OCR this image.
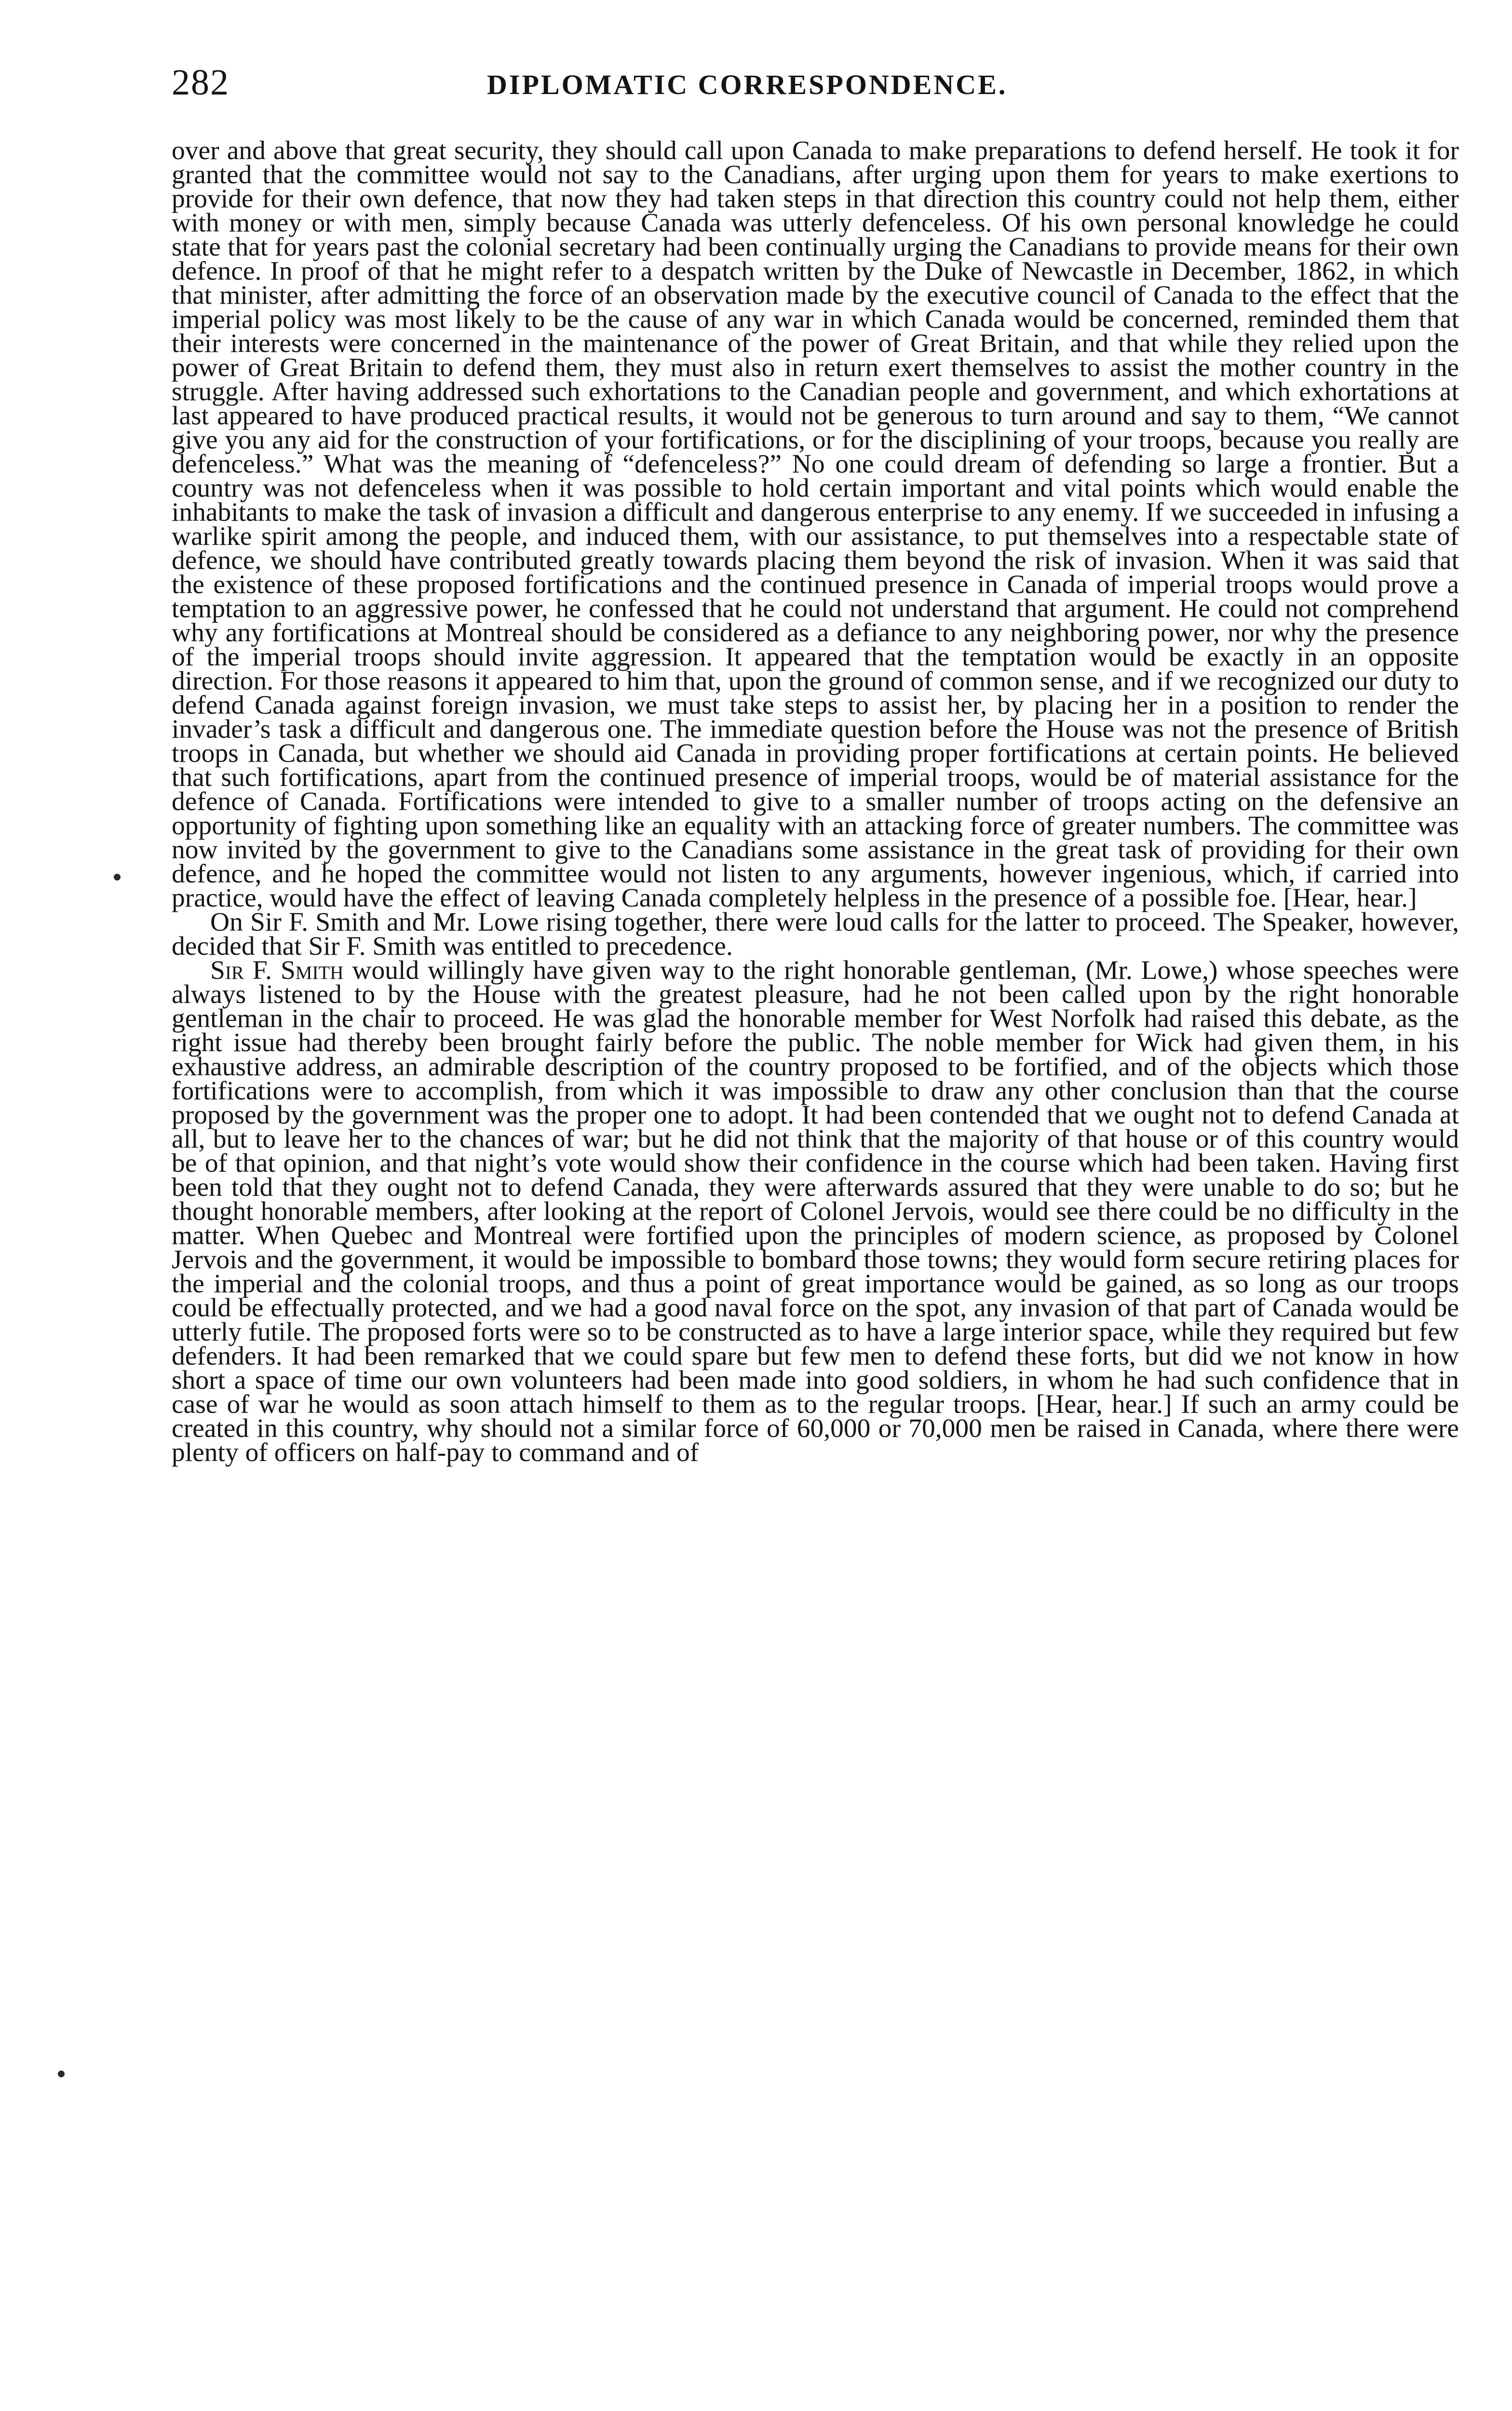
282	DIPLOMATIC CORRESPONDENCE.

over and above that great security, they should call upon Canada to make preparations to defend herself. He took it for granted that the committee would not say to the Canadians, after urging upon them for years to make exertions to provide for their own defence, that now they had taken steps in that direction this country could not help them, either with money or with men, simply because Canada was utterly defenceless. Of his own personal knowledge he could state that for years past the colonial secretary had been continually urging the Canadians to provide means for their own defence. In proof of that he might refer to a despatch written by the Duke of Newcastle in December, 1862, in which that minister, after admitting the force of an observation made by the executive council of Canada to the effect that the imperial policy was most likely to be the cause of any war in which Canada would be concerned, reminded them that their interests were concerned in the maintenance of the power of Great Britain, and that while they relied upon the power of Great Britain to defend them, they must also in return exert themselves to assist the mother country in the struggle. After having addressed such exhortations to the Canadian people and government, and which exhortations at last appeared to have produced practical results, it would not be generous to turn around and say to them, “We cannot give you any aid for the construction of your fortifications, or for the disciplining of your troops, because you really are defenceless.” What was the meaning of “defenceless?” No one could dream of defending so large a frontier. But a country was not defenceless when it was possible to hold certain important and vital points which would enable the inhabitants to make the task of invasion a difficult and dangerous enterprise to any enemy. If we succeeded in infusing a warlike spirit among the people, and induced them, with our assistance, to put themselves into a respectable state of defence, we should have contributed greatly towards placing them beyond the risk of invasion. When it was said that the existence of these proposed fortifications and the continued presence in Canada of imperial troops would prove a temptation to an aggressive power, he confessed that he could not understand that argument. He could not comprehend why any fortifications at Montreal should be considered as a defiance to any neighboring power, nor why the presence of the imperial troops should invite aggression. It appeared that the temptation would be exactly in an opposite direction. For those reasons it appeared to him that, upon the ground of common sense, and if we recognized our duty to defend Canada against foreign invasion, we must take steps to assist her, by placing her in a position to render the invader’s task a difficult and dangerous one. The immediate question before the House was not the presence of British troops in Canada, but whether we should aid Canada in providing proper fortifications at certain points. He believed that such fortifications, apart from the continued presence of imperial troops, would be of material assistance for the defence of Canada. Fortifications were intended to give to a smaller number of troops acting on the defensive an opportunity of fighting upon something like an equality with an attacking force of greater numbers. The committee was now invited by the government to give to the Canadians some assistance in the great task of providing for their own defence, and he hoped the committee would not listen to any arguments, however ingenious, which, if carried into practice, would have the effect of leaving Canada completely helpless in the presence of a possible foe. [Hear, hear.]

On Sir F. Smith and Mr. Lowe rising together, there were loud calls for the latter to proceed. The Speaker, however, decided that Sir F. Smith was entitled to precedence.

Sir F. Smith would willingly have given way to the right honorable gentleman, (Mr. Lowe,) whose speeches were always listened to by the House with the greatest pleasure, had he not been called upon by the right honorable gentleman in the chair to proceed. He was glad the honorable member for West Norfolk had raised this debate, as the right issue had thereby been brought fairly before the public. The noble member for Wick had given them, in his exhaustive address, an admirable description of the country proposed to be fortified, and of the objects which those fortifications were to accomplish, from which it was impossible to draw any other conclusion than that the course proposed by the government was the proper one to adopt. It had been contended that we ought not to defend Canada at all, but to leave her to the chances of war; but he did not think that the majority of that house or of this country would be of that opinion, and that night’s vote would show their confidence in the course which had been taken. Having first been told that they ought not to defend Canada, they were afterwards assured that they were unable to do so; but he thought honorable members, after looking at the report of Colonel Jervois, would see there could be no difficulty in the matter. When Quebec and Montreal were fortified upon the principles of modern science, as proposed by Colonel Jervois and the government, it would be impossible to bombard those towns; they would form secure retiring places for the imperial and the colonial troops, and thus a point of great importance would be gained, as so long as our troops could be effectually protected, and we had a good naval force on the spot, any invasion of that part of Canada would be utterly futile. The proposed forts were so to be constructed as to have a large interior space, while they required but few defenders. It had been remarked that we could spare but few men to defend these forts, but did we not know in how short a space of time our own volunteers had been made into good soldiers, in whom he had such confidence that in case of war he would as soon attach himself to them as to the regular troops. [Hear, hear.] If such an army could be created in this country, why should not a similar force of 60,000 or 70,000 men be raised in Canada, where there were plenty of officers on half-pay to command and of
